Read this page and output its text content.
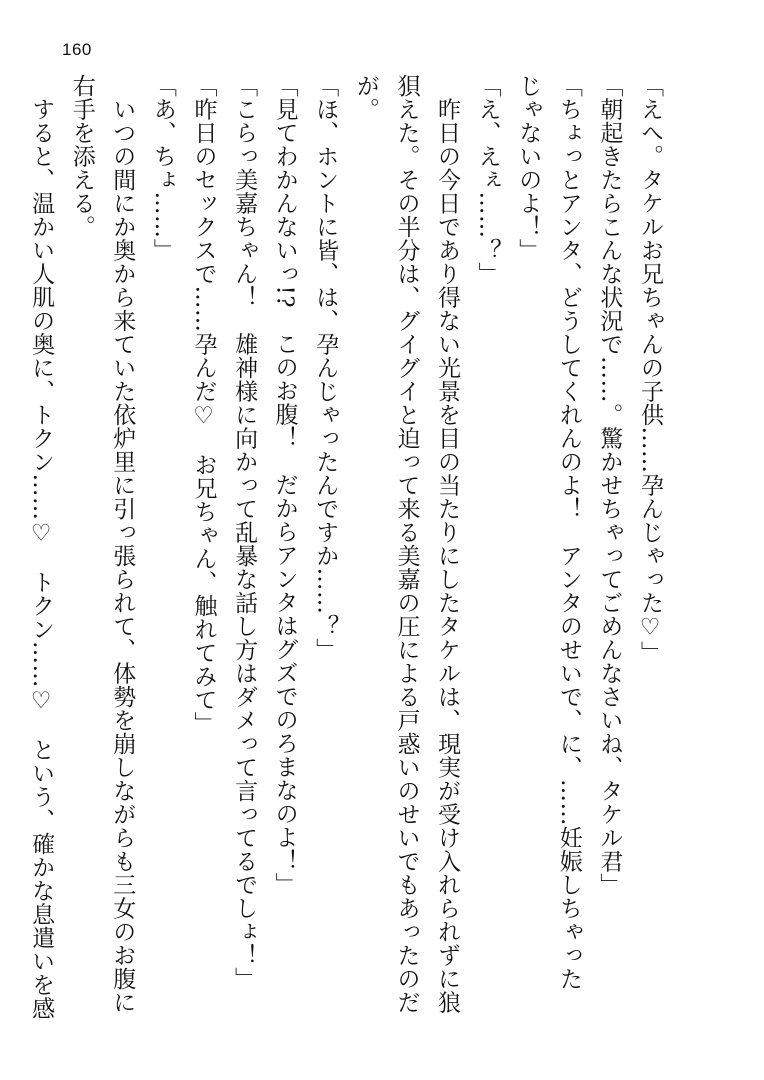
160

「えへ。タケルお兄ちゃんの子供……孕んじゃった♡」

「朝起きたらこんな状況で……。驚かせちゃってごめんなさいね、タケル君」

「ちょっとアンタ、どうしてくれんのよ！　アンタのせいで、に、……妊娠しちゃった

じゃないのよ！」

「え、えぇ……？」

　昨日の今日であり得ない光景を目の当たりにしたタケルは、現実が受け入れられずに狼

狽えた。その半分は、グイグイと迫って来る美嘉の圧による戸惑いのせいでもあったのだ

が。

「ほ、ホントに皆、は、孕んじゃったんですか……？」

「見てわかんないっ!?　このお腹！　だからアンタはグズでのろまなのよ！」

「こらっ美嘉ちゃん！　雄神様に向かって乱暴な話し方はダメって言ってるでしょ！」

「昨日のセックスで……孕んだ♡　お兄ちゃん、触れてみて」

「あ、ちょ……」

　いつの間にか奥から来ていた依炉里に引っ張られて、体勢を崩しながらも三女のお腹に

右手を添える。

　すると、温かい人肌の奥に、トクン……♡　トクン……♡　という、確かな息遣いを感
